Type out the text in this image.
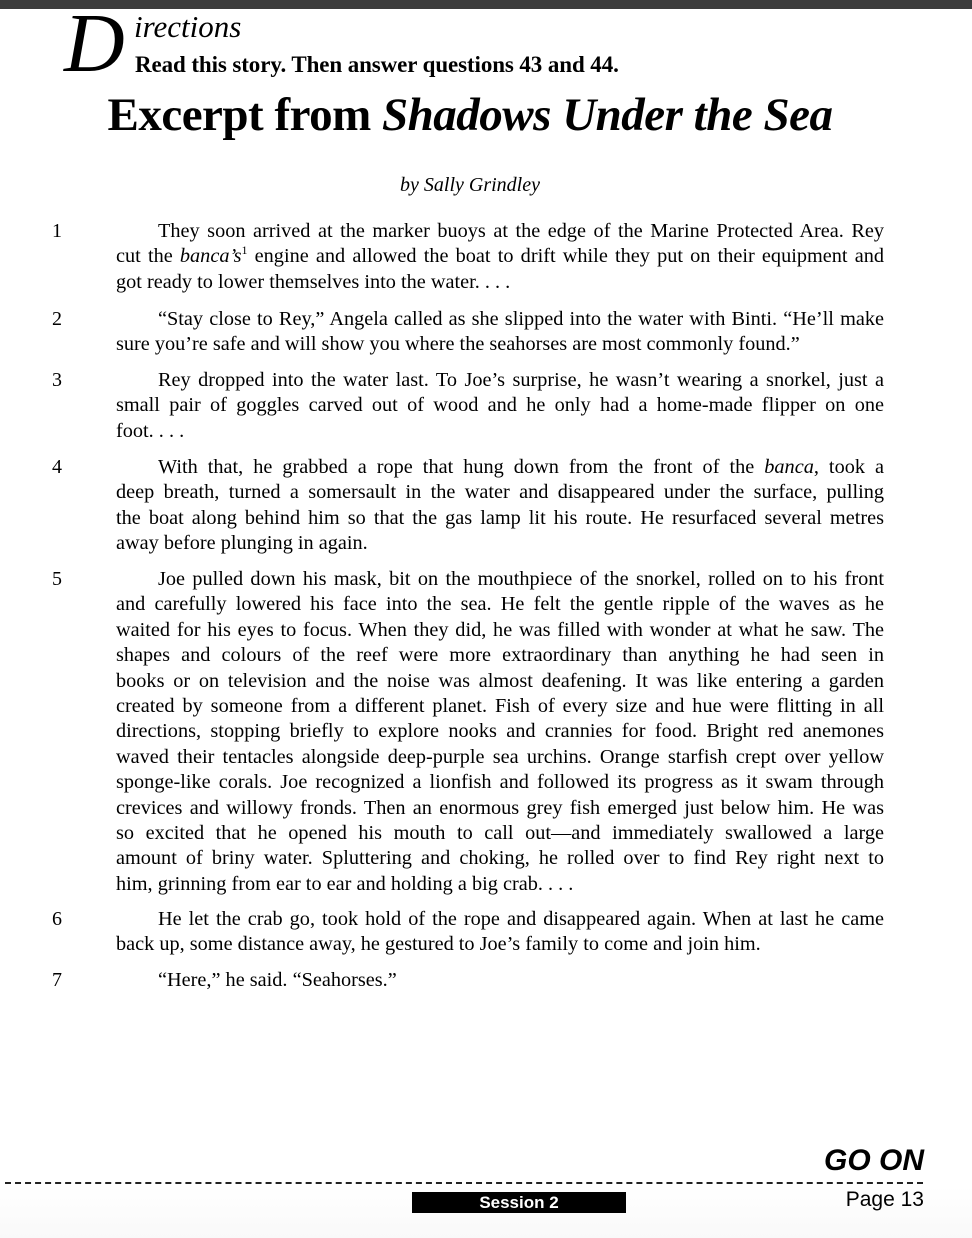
D irections
Read this story. Then answer questions 43 and 44.
Excerpt from Shadows Under the Sea
by Sally Grindley
1	They soon arrived at the marker buoys at the edge of the Marine Protected Area. Rey
cut the $banca’s^1$ engine and allowed the boat to drift while they put on their equipment and
got ready to lower themselves into the water. . . .
2	“Stay close to Rey,” Angela called as she slipped into the water with Binti. “He’ll make
sure you’re safe and will show you where the seahorses are most commonly found.”
3	Rey dropped into the water last. To Joe’s surprise, he wasn’t wearing a snorkel, just a
small pair of goggles carved out of wood and he only had a home-made flipper on one
foot. . . .
4	With that, he grabbed a rope that hung down from the front of the banca, took a
deep breath, turned a somersault in the water and disappeared under the surface, pulling
the boat along behind him so that the gas lamp lit his route. He resurfaced several metres
away before plunging in again.
5	Joe pulled down his mask, bit on the mouthpiece of the snorkel, rolled on to his front
and carefully lowered his face into the sea. He felt the gentle ripple of the waves as he
waited for his eyes to focus. When they did, he was filled with wonder at what he saw. The
shapes and colours of the reef were more extraordinary than anything he had seen in
books or on television and the noise was almost deafening. It was like entering a garden
created by someone from a different planet. Fish of every size and hue were flitting in all
directions, stopping briefly to explore nooks and crannies for food. Bright red anemones
waved their tentacles alongside deep-purple sea urchins. Orange starfish crept over yellow
sponge-like corals. Joe recognized a lionfish and followed its progress as it swam through
crevices and willowy fronds. Then an enormous grey fish emerged just below him. He was
so excited that he opened his mouth to call out—and immediately swallowed a large
amount of briny water. Spluttering and choking, he rolled over to find Rey right next to
him, grinning from ear to ear and holding a big crab. . . .
6	He let the crab go, took hold of the rope and disappeared again. When at last he came
back up, some distance away, he gestured to Joe’s family to come and join him.
7	“Here,” he said. “Seahorses.”
GO ON
Session 2	Page 13
